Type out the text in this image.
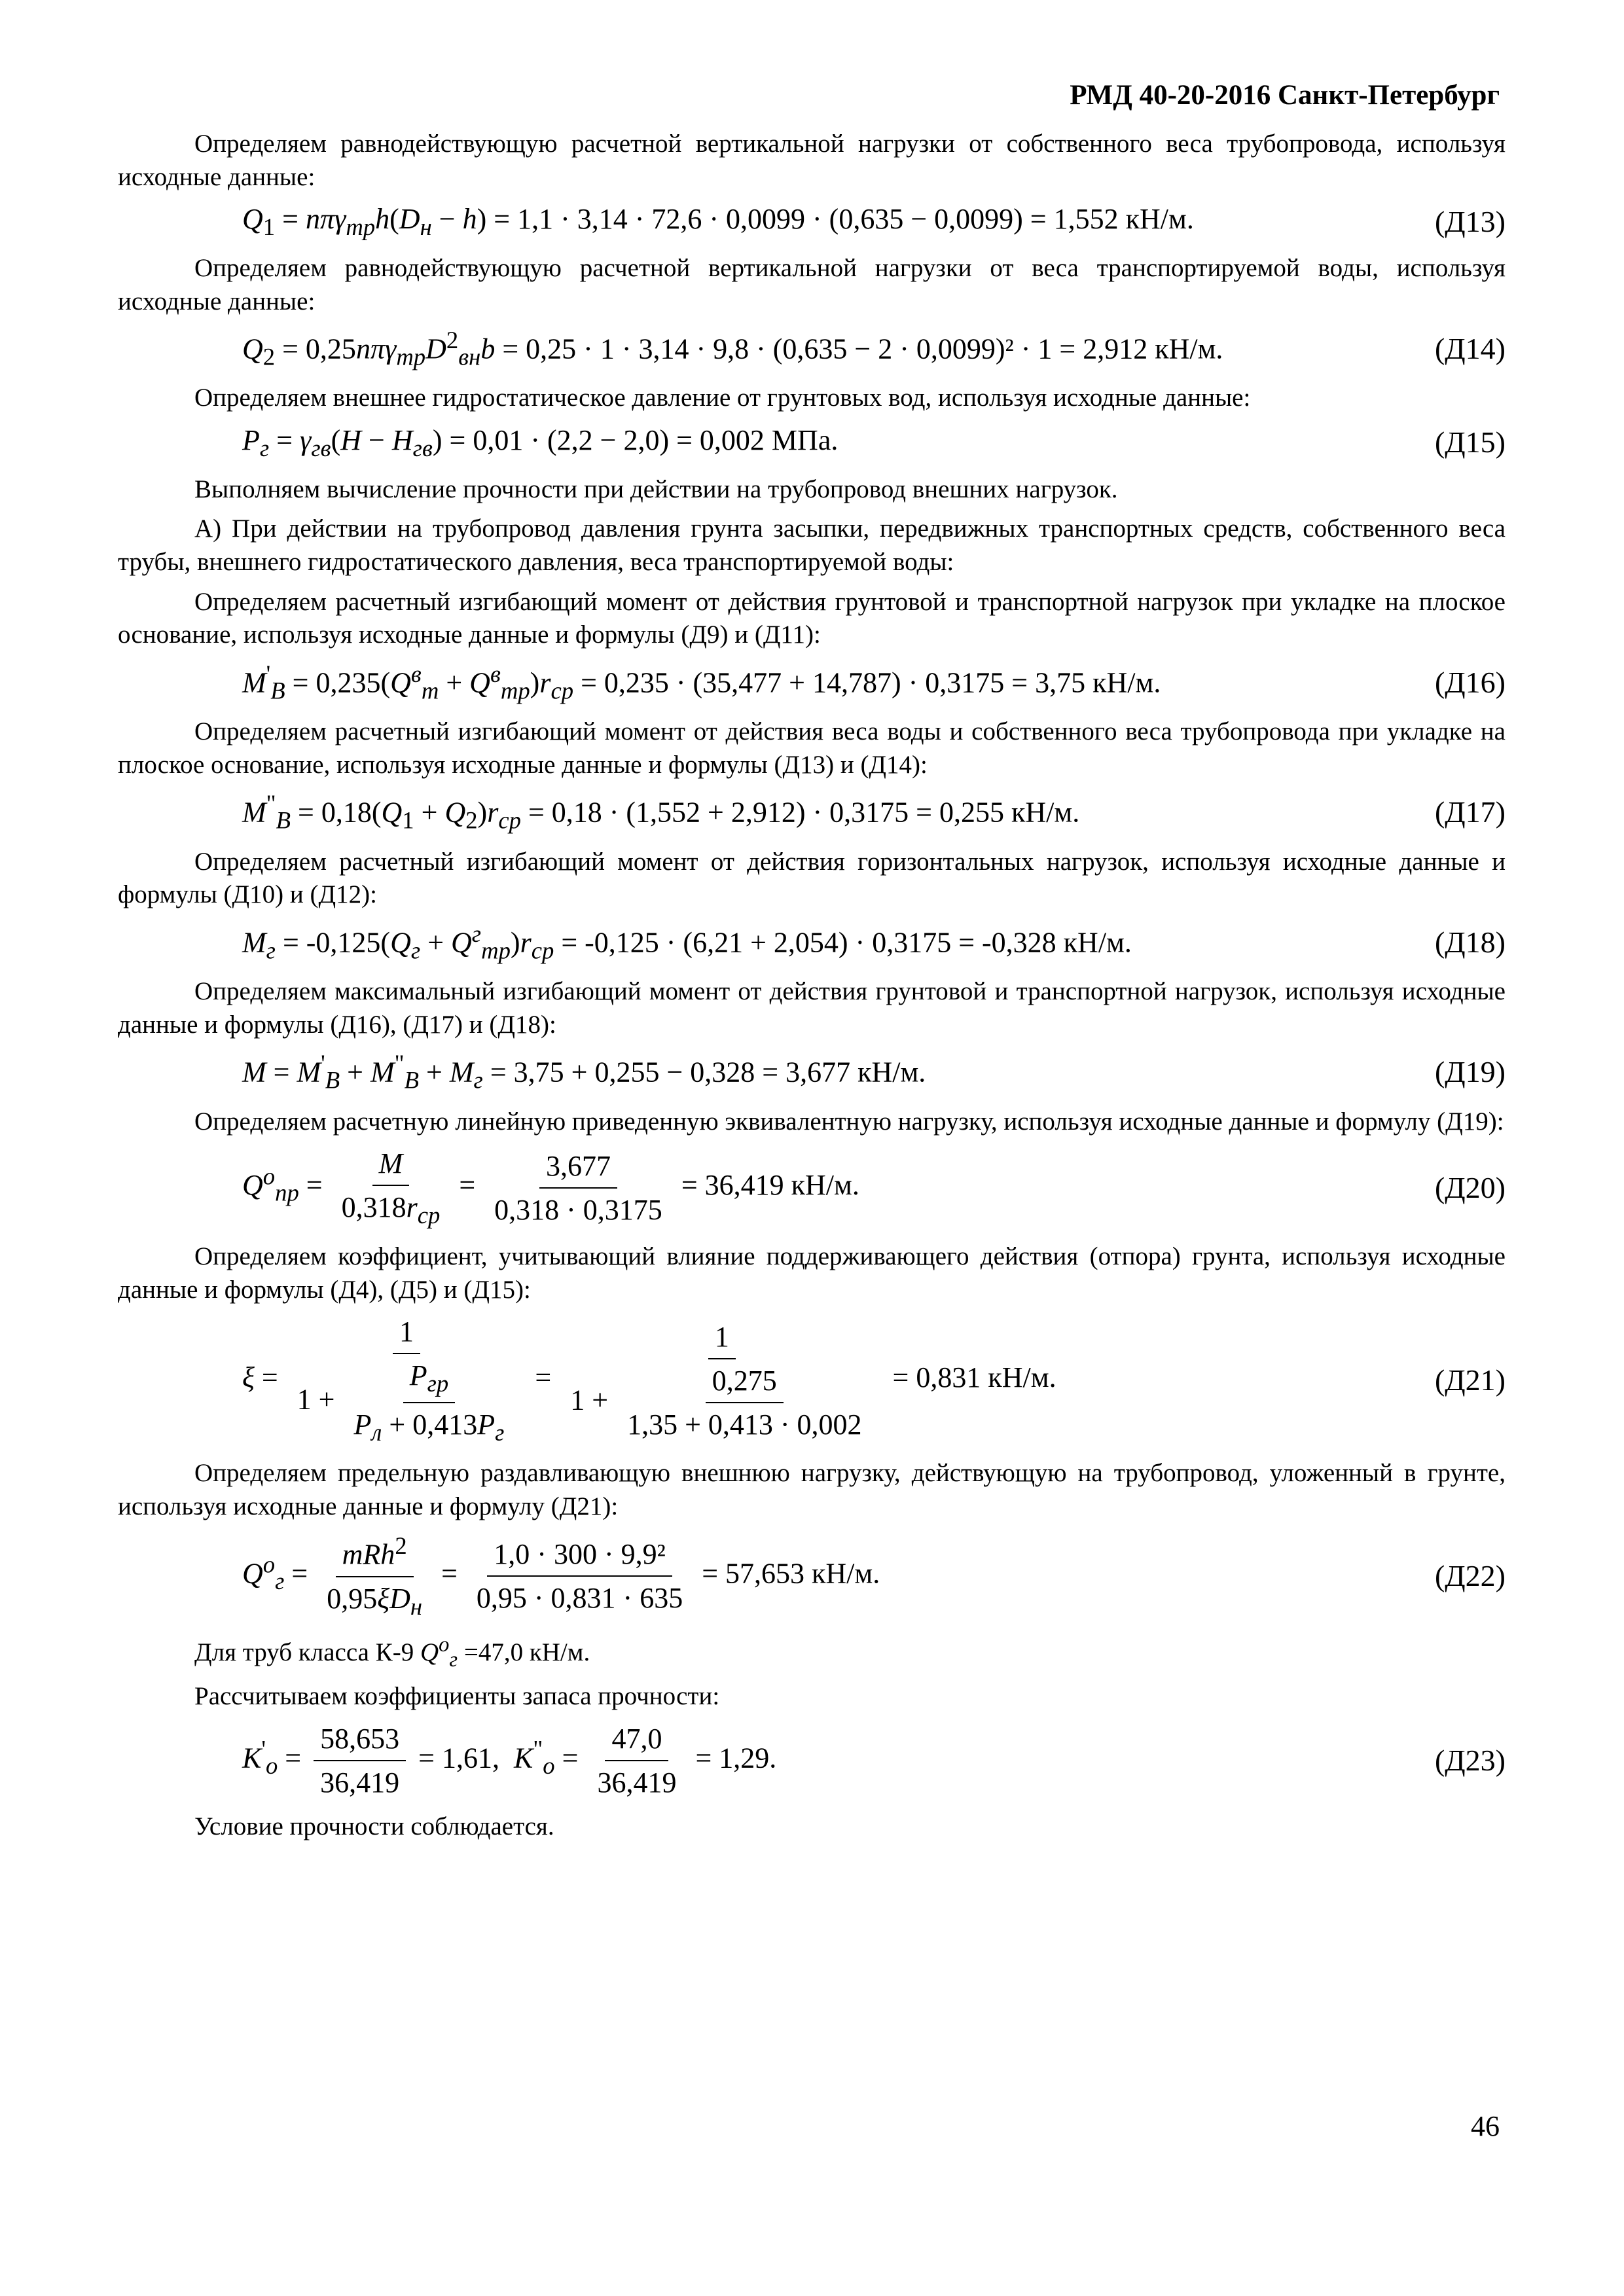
РМД 40-20-2016 Санкт-Петербург

Определяем равнодействующую расчетной вертикальной нагрузки от собственного веса трубопровода, используя исходные данные:

$Q_1 = n\pi\gamma_{тр}h(D_н - h) = 1,1 \cdot 3,14 \cdot 72,6 \cdot 0,0099 \cdot (0,635 - 0,0099) = 1,552$ кН/м.	(Д13)

Определяем равнодействующую расчетной вертикальной нагрузки от веса транспортируемой воды, используя исходные данные:

$Q_2 = 0,25n\pi\gamma_{тр}D^2_{вн}b = 0,25 \cdot 1 \cdot 3,14 \cdot 9,8 \cdot (0,635 - 2 \cdot 0,0099)^2 \cdot 1 = 2,912$ кН/м.	(Д14)

Определяем внешнее гидростатическое давление от грунтовых вод, используя исходные данные:

$P_г = \gamma_{гв}(H - H_{гв}) = 0,01 \cdot (2,2 - 2,0) = 0,002$ МПа.	(Д15)

Выполняем вычисление прочности при действии на трубопровод внешних нагрузок.

А) При действии на трубопровод давления грунта засыпки, передвижных транспортных средств, собственного веса трубы, внешнего гидростатического давления, веса транспортируемой воды:

Определяем расчетный изгибающий момент от действия грунтовой и транспортной нагрузок при укладке на плоское основание, используя исходные данные и формулы (Д9) и (Д11):

$M'_B = 0,235(Q^в_т + Q^в_{тр})r_{ср} = 0,235 \cdot (35,477 + 14,787) \cdot 0,3175 = 3,75$ кН/м.	(Д16)

Определяем расчетный изгибающий момент от действия веса воды и собственного веса трубопровода при укладке на плоское основание, используя исходные данные и формулы (Д13) и (Д14):

$M^"_B = 0,18(Q_1 + Q_2)r_{ср} = 0,18 \cdot (1,552 + 2,912) \cdot 0,3175 = 0,255$ кН/м.	(Д17)

Определяем расчетный изгибающий момент от действия горизонтальных нагрузок, используя исходные данные и формулы (Д10) и (Д12):

$M_г = -0,125(Q_г + Q^г_{тр})r_{ср} = -0,125 \cdot (6,21 + 2,054) \cdot 0,3175 = -0,328$ кН/м.	(Д18)

Определяем максимальный изгибающий момент от действия грунтовой и транспортной нагрузок, используя исходные данные и формулы (Д16), (Д17) и (Д18):

$M = M'_B + M^"_B + M_г = 3,75 + 0,255 - 0,328 = 3,677$ кН/м.	(Д19)

Определяем расчетную линейную приведенную эквивалентную нагрузку, используя исходные данные и формулу (Д19):

$Q^o_{пр} = \frac{M}{0,318r_{ср}} = \frac{3,677}{0,318 \cdot 0,3175} = 36,419$ кН/м.	(Д20)

Определяем коэффициент, учитывающий влияние поддерживающего действия (отпора) грунта, используя исходные данные и формулы (Д4), (Д5) и (Д15):

$\xi = \frac{1}{1 + \frac{P_{гр}}{P_л + 0,413P_г}} = \frac{1}{1 + \frac{0,275}{1,35 + 0,413 \cdot 0,002}} = 0,831$ кН/м.	(Д21)

Определяем предельную раздавливающую внешнюю нагрузку, действующую на трубопровод, уложенный в грунте, используя исходные данные и формулу (Д21):

$Q^o_г = \frac{mRh^2}{0,95\xi D_н} = \frac{\text{1,0 · 300 · 9,9²}}{0,95 \cdot 0,831 \cdot 635} = 57,653$ кН/м.	(Д22)

Для труб класса К-9 $Q^o_г =47,0$ кН/м.

Рассчитываем коэффициенты запаса прочности:

$K'_o = \frac{58,653}{36,419} = 1,61$, $K^"_o = \frac{47,0}{36,419} = 1,29$.	(Д23)

Условие прочности соблюдается.

46
